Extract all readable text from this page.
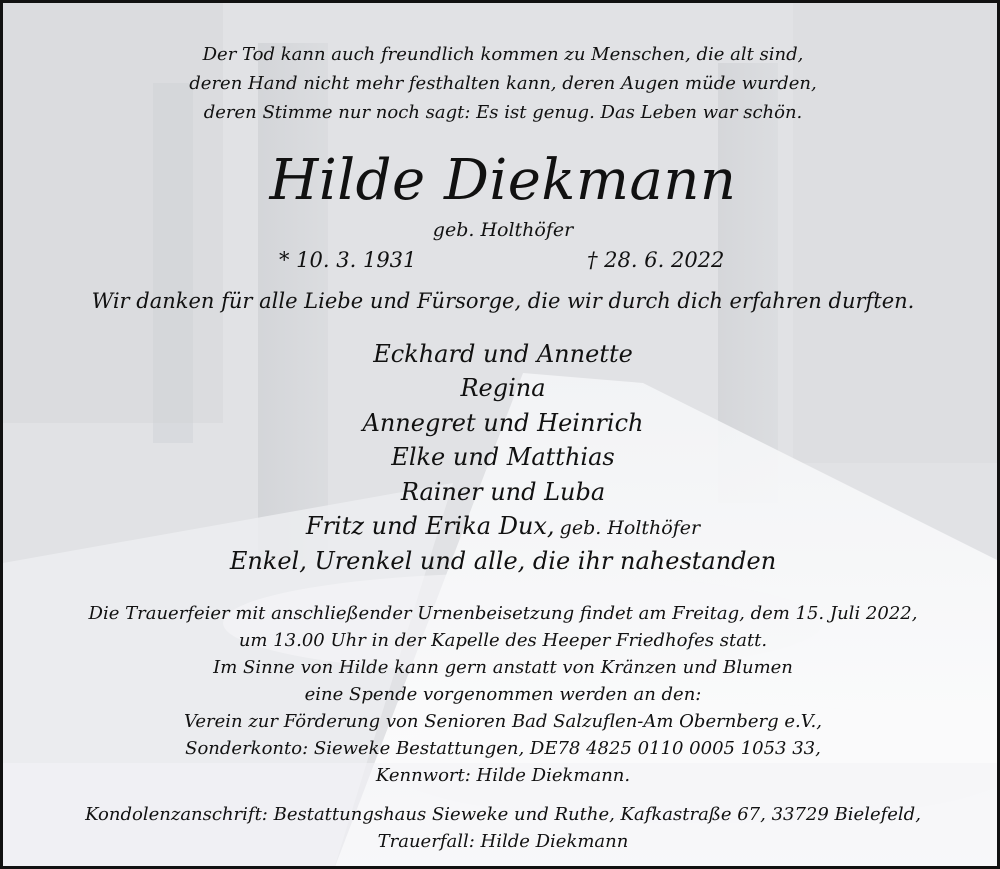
Der Tod kann auch freundlich kommen zu Menschen, die alt sind,
deren Hand nicht mehr festhalten kann, deren Augen müde wurden,
deren Stimme nur noch sagt: Es ist genug. Das Leben war schön.
Hilde Diekmann
geb. Holthöfer
* 10. 3. 1931	† 28. 6. 2022
Wir danken für alle Liebe und Fürsorge, die wir durch dich erfahren durften.
Eckhard und Annette
Regina
Annegret und Heinrich
Elke und Matthias
Rainer und Luba
Fritz und Erika Dux, geb. Holthöfer
Enkel, Urenkel und alle, die ihr nahestanden
Die Trauerfeier mit anschließender Urnenbeisetzung findet am Freitag, dem 15. Juli 2022,
um 13.00 Uhr in der Kapelle des Heeper Friedhofes statt.
Im Sinne von Hilde kann gern anstatt von Kränzen und Blumen
eine Spende vorgenommen werden an den:
Verein zur Förderung von Senioren Bad Salzuflen-Am Obernberg e.V.,
Sonderkonto: Sieweke Bestattungen, DE78 4825 0110 0005 1053 33,
Kennwort: Hilde Diekmann.
Kondolenzanschrift: Bestattungshaus Sieweke und Ruthe, Kafkastraße 67, 33729 Bielefeld,
Trauerfall: Hilde Diekmann
